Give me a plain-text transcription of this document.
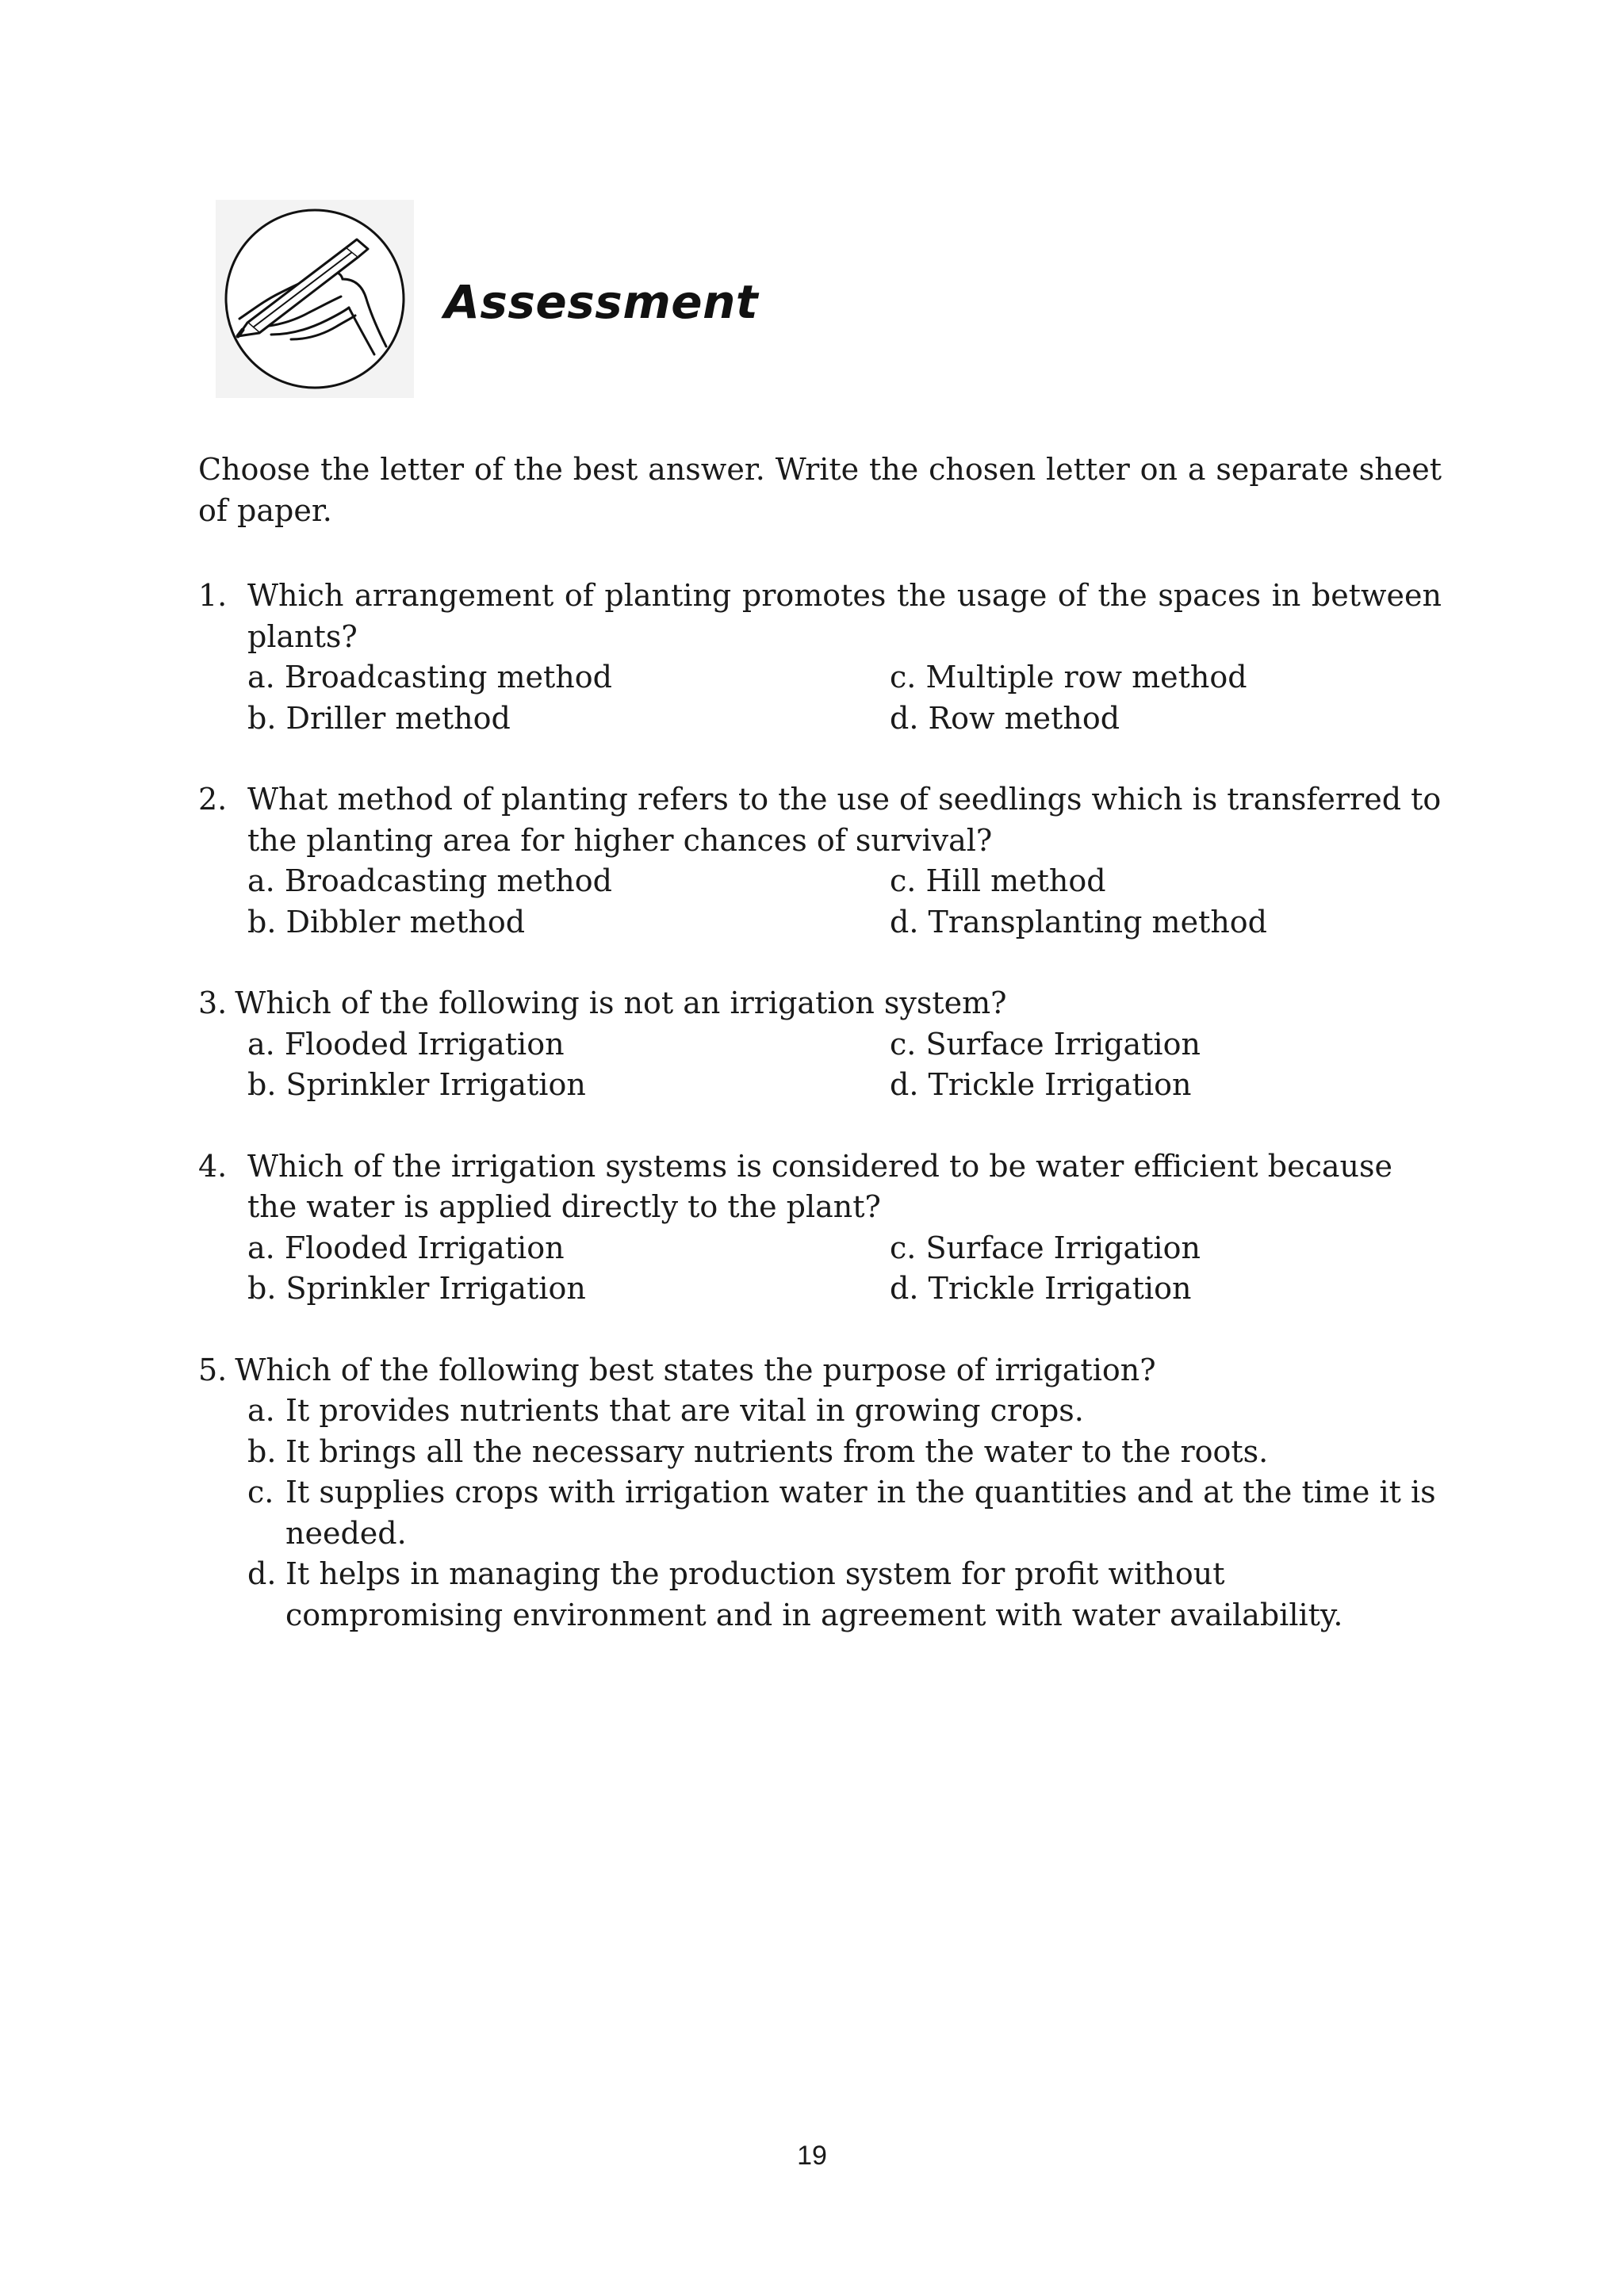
Assessment
Choose the letter of the best answer. Write the chosen letter on a separate sheet of paper.
1. Which arrangement of planting promotes the usage of the spaces in between plants?
a. Broadcasting method	c. Multiple row method
b. Driller method	d. Row method
2. What method of planting refers to the use of seedlings which is transferred to the planting area for higher chances of survival?
a. Broadcasting method	c. Hill method
b. Dibbler method	d. Transplanting method
3. Which of the following is not an irrigation system?
a. Flooded Irrigation	c. Surface Irrigation
b. Sprinkler Irrigation	d. Trickle Irrigation
4. Which of the irrigation systems is considered to be water efficient because the water is applied directly to the plant?
a. Flooded Irrigation	c. Surface Irrigation
b. Sprinkler Irrigation	d. Trickle Irrigation
5. Which of the following best states the purpose of irrigation?
a. It provides nutrients that are vital in growing crops.
b. It brings all the necessary nutrients from the water to the roots.
c. It supplies crops with irrigation water in the quantities and at the time it is needed.
d. It helps in managing the production system for profit without compromising environment and in agreement with water availability.
19
